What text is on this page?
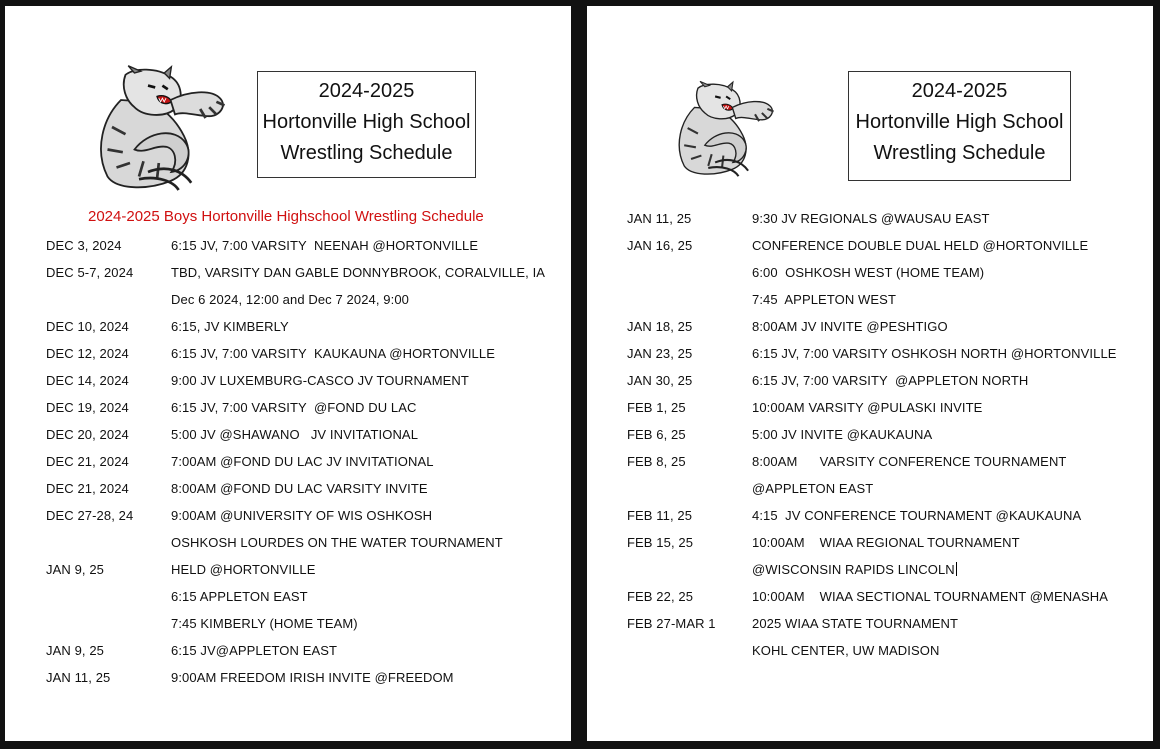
2024-2025
Hortonville High School
Wrestling Schedule
2024-2025 Boys Hortonville Highschool Wrestling Schedule
DEC 3, 2024	6:15 JV, 7:00 VARSITY  NEENAH @HORTONVILLE
DEC 5-7, 2024	TBD, VARSITY DAN GABLE DONNYBROOK, CORALVILLE, IA
Dec 6 2024, 12:00 and Dec 7 2024, 9:00
DEC 10, 2024	6:15, JV KIMBERLY
DEC 12, 2024	6:15 JV, 7:00 VARSITY  KAUKAUNA @HORTONVILLE
DEC 14, 2024	9:00 JV LUXEMBURG-CASCO JV TOURNAMENT
DEC 19, 2024	6:15 JV, 7:00 VARSITY  @FOND DU LAC
DEC 20, 2024	5:00 JV @SHAWANO   JV INVITATIONAL
DEC 21, 2024	7:00AM @FOND DU LAC JV INVITATIONAL
DEC 21, 2024	8:00AM @FOND DU LAC VARSITY INVITE
DEC 27-28, 24	9:00AM @UNIVERSITY OF WIS OSHKOSH
OSHKOSH LOURDES ON THE WATER TOURNAMENT
JAN 9, 25	HELD @HORTONVILLE
6:15 APPLETON EAST
7:45 KIMBERLY (HOME TEAM)
JAN 9, 25	6:15 JV@APPLETON EAST
JAN 11, 25	9:00AM FREEDOM IRISH INVITE @FREEDOM
2024-2025
Hortonville High School
Wrestling Schedule
JAN 11, 25	9:30 JV REGIONALS @WAUSAU EAST
JAN 16, 25	CONFERENCE DOUBLE DUAL HELD @HORTONVILLE
6:00  OSHKOSH WEST (HOME TEAM)
7:45  APPLETON WEST
JAN 18, 25	8:00AM JV INVITE @PESHTIGO
JAN 23, 25	6:15 JV, 7:00 VARSITY OSHKOSH NORTH @HORTONVILLE
JAN 30, 25	6:15 JV, 7:00 VARSITY  @APPLETON NORTH
FEB 1, 25	10:00AM VARSITY @PULASKI INVITE
FEB 6, 25	5:00 JV INVITE @KAUKAUNA
FEB 8, 25	8:00AM      VARSITY CONFERENCE TOURNAMENT
@APPLETON EAST
FEB 11, 25	4:15  JV CONFERENCE TOURNAMENT @KAUKAUNA
FEB 15, 25	10:00AM    WIAA REGIONAL TOURNAMENT
@WISCONSIN RAPIDS LINCOLN
FEB 22, 25	10:00AM    WIAA SECTIONAL TOURNAMENT @MENASHA
FEB 27-MAR 1	2025 WIAA STATE TOURNAMENT
KOHL CENTER, UW MADISON
